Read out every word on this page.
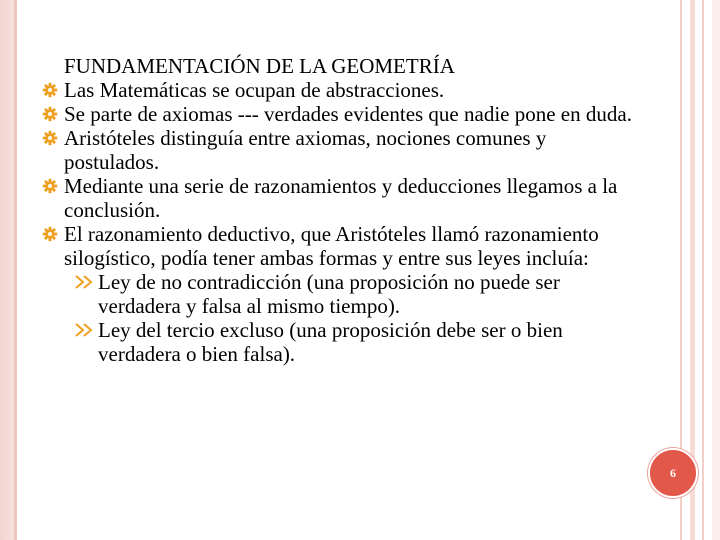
FUNDAMENTACIÓN DE LA GEOMETRÍA
Las Matemáticas se ocupan de abstracciones.
Se parte de axiomas --- verdades evidentes que nadie pone en duda.
Aristóteles distinguía entre axiomas, nociones comunes y postulados.
Mediante una serie de razonamientos y deducciones llegamos a la conclusión.
El razonamiento deductivo, que Aristóteles llamó razonamiento silogístico, podía tener ambas formas y entre sus leyes incluía:
Ley de no contradicción (una proposición no puede ser verdadera y falsa al mismo tiempo).
Ley del tercio excluso (una proposición debe ser o bien verdadera o bien falsa).
6
